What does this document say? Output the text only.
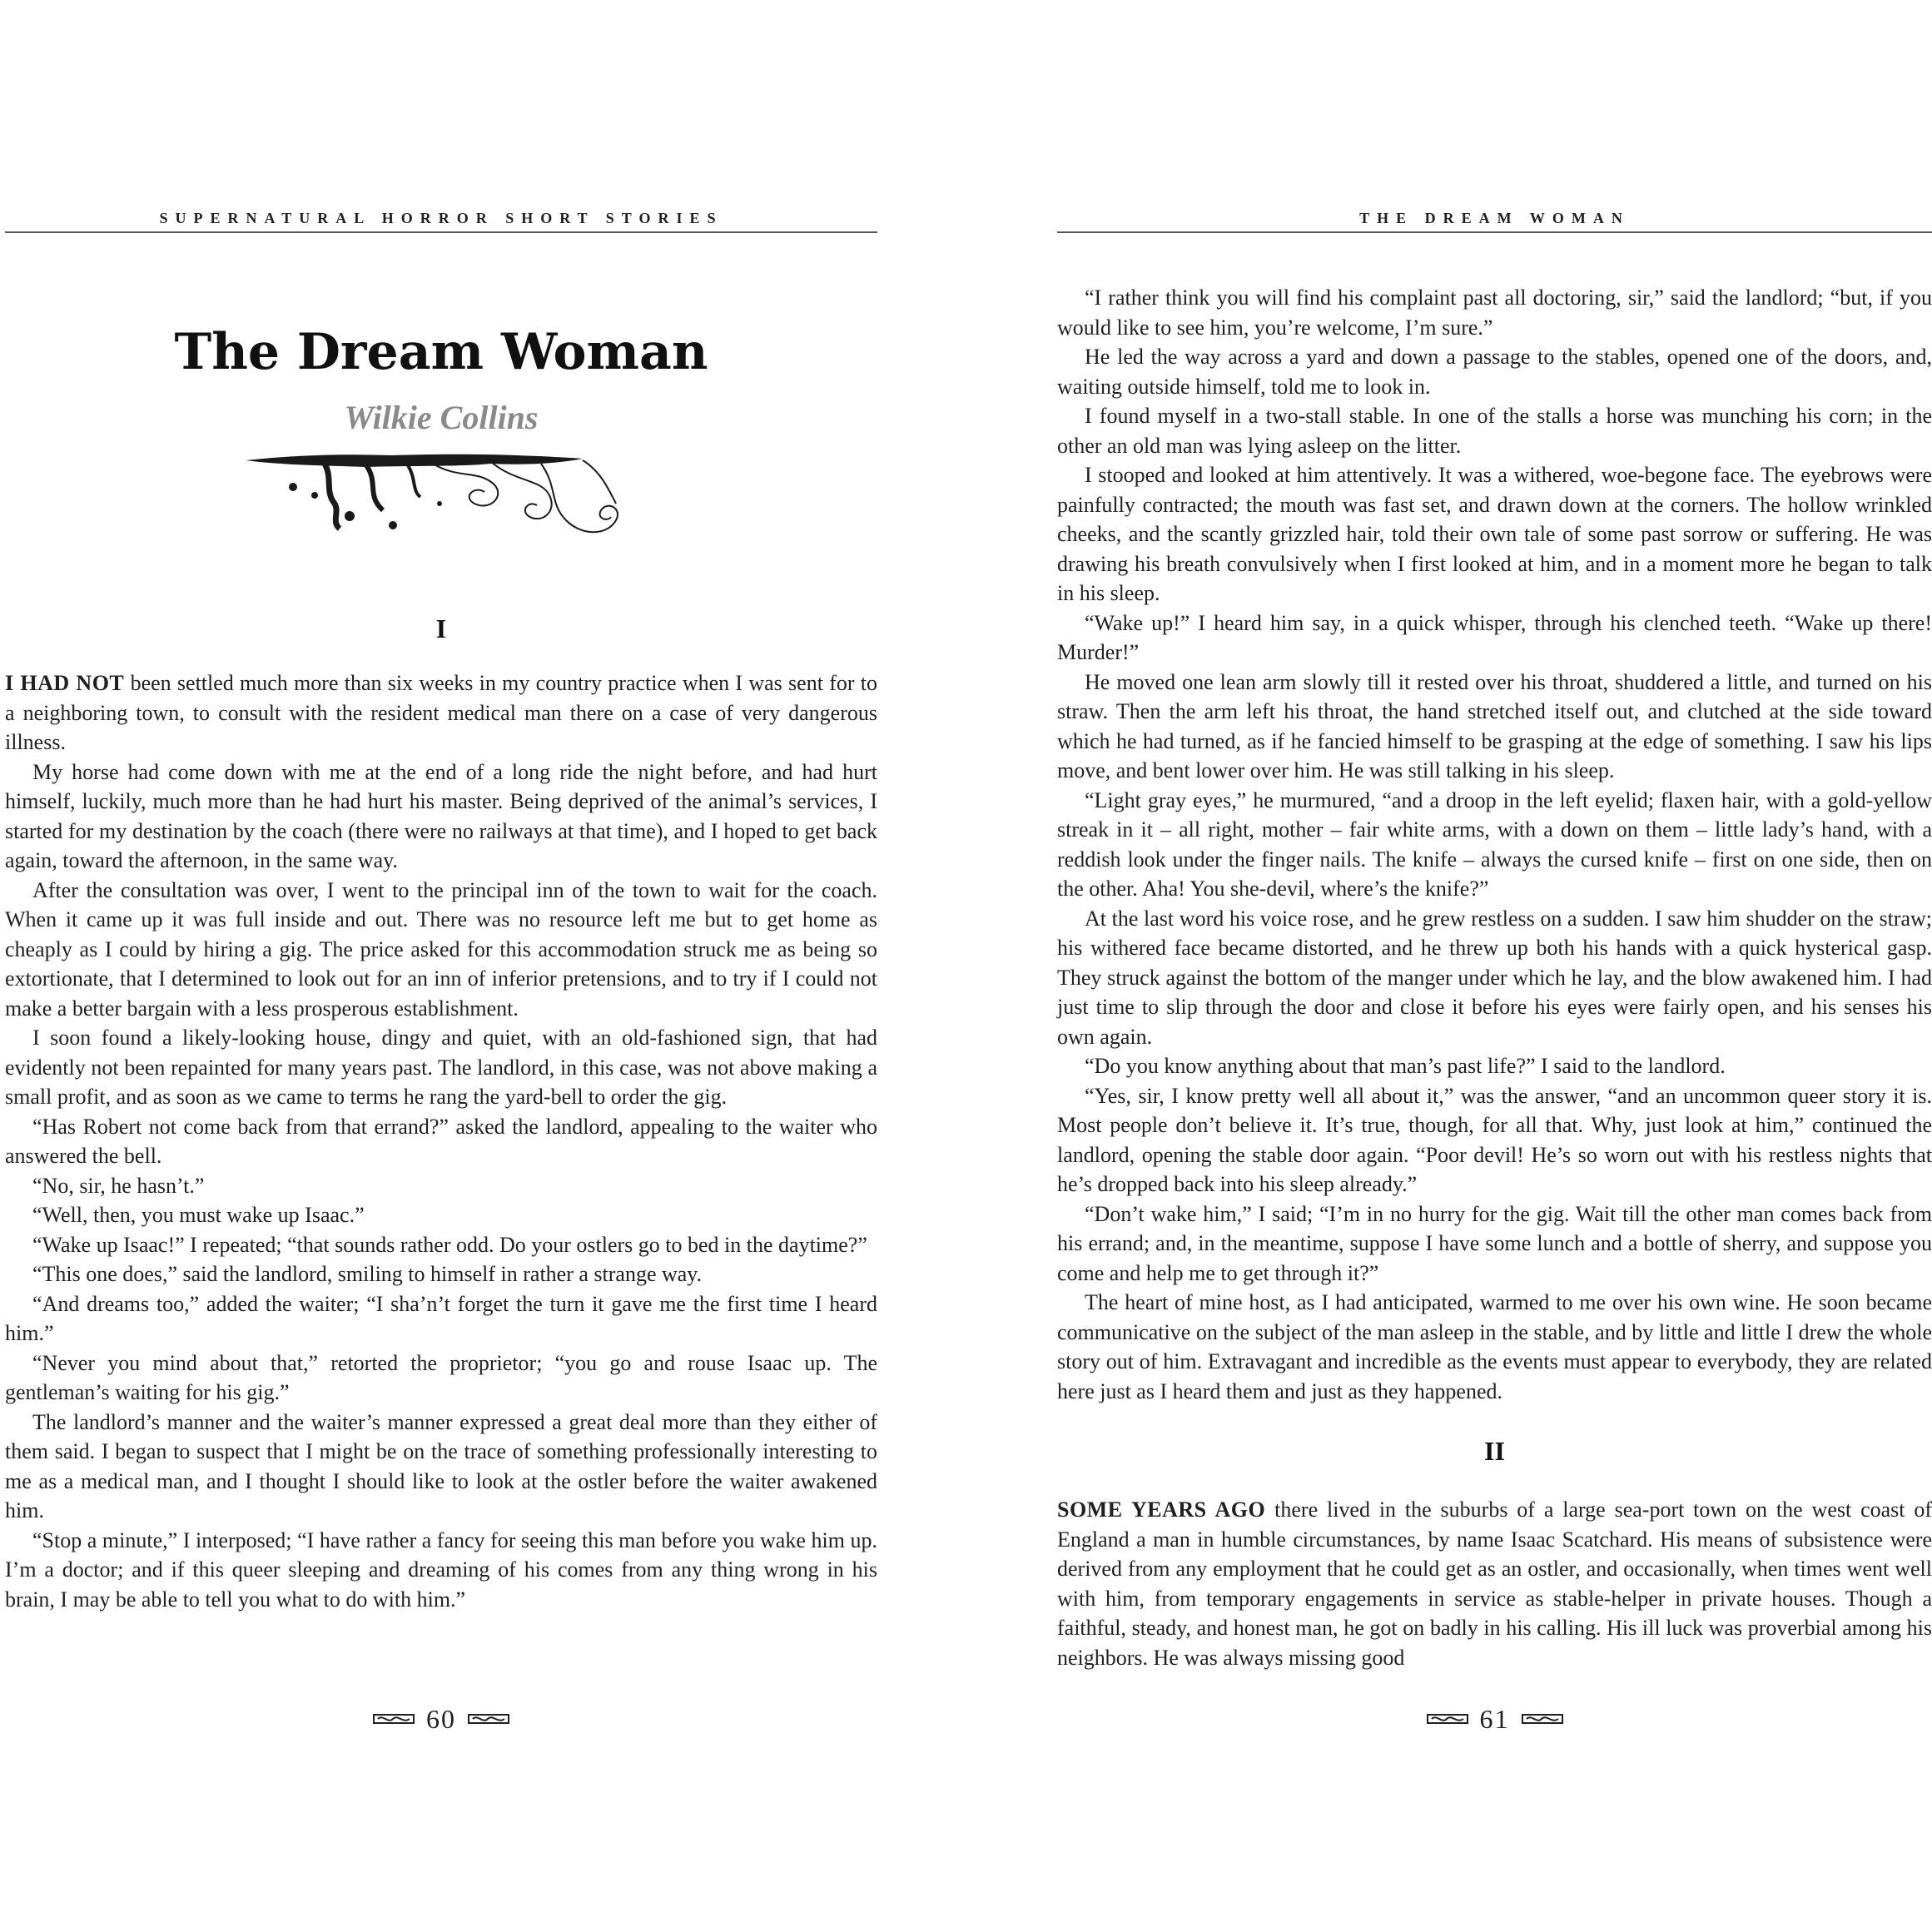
SUPERNATURAL HORROR SHORT STORIES
The Dream Woman
Wilkie Collins
I

I HAD NOT been settled much more than six weeks in my country practice when I was sent for to a neighboring town, to consult with the resident medical man there on a case of very dangerous illness.

My horse had come down with me at the end of a long ride the night before, and had hurt himself, luckily, much more than he had hurt his master. Being deprived of the animal’s services, I started for my destination by the coach (there were no railways at that time), and I hoped to get back again, toward the afternoon, in the same way.

After the consultation was over, I went to the principal inn of the town to wait for the coach. When it came up it was full inside and out. There was no resource left me but to get home as cheaply as I could by hiring a gig. The price asked for this accommodation struck me as being so extortionate, that I determined to look out for an inn of inferior pretensions, and to try if I could not make a better bargain with a less prosperous establishment.

I soon found a likely-looking house, dingy and quiet, with an old-fashioned sign, that had evidently not been repainted for many years past. The landlord, in this case, was not above making a small profit, and as soon as we came to terms he rang the yard-bell to order the gig.

“Has Robert not come back from that errand?” asked the landlord, appealing to the waiter who answered the bell.

“No, sir, he hasn’t.”

“Well, then, you must wake up Isaac.”

“Wake up Isaac!” I repeated; “that sounds rather odd. Do your ostlers go to bed in the daytime?”

“This one does,” said the landlord, smiling to himself in rather a strange way.

“And dreams too,” added the waiter; “I sha’n’t forget the turn it gave me the first time I heard him.”

“Never you mind about that,” retorted the proprietor; “you go and rouse Isaac up. The gentleman’s waiting for his gig.”

The landlord’s manner and the waiter’s manner expressed a great deal more than they either of them said. I began to suspect that I might be on the trace of something professionally interesting to me as a medical man, and I thought I should like to look at the ostler before the waiter awakened him.

“Stop a minute,” I interposed; “I have rather a fancy for seeing this man before you wake him up. I’m a doctor; and if this queer sleeping and dreaming of his comes from any thing wrong in his brain, I may be able to tell you what to do with him.”

60
THE DREAM WOMAN

“I rather think you will find his complaint past all doctoring, sir,” said the landlord; “but, if you would like to see him, you’re welcome, I’m sure.”

He led the way across a yard and down a passage to the stables, opened one of the doors, and, waiting outside himself, told me to look in.

I found myself in a two-stall stable. In one of the stalls a horse was munching his corn; in the other an old man was lying asleep on the litter.

I stooped and looked at him attentively. It was a withered, woe-begone face. The eyebrows were painfully contracted; the mouth was fast set, and drawn down at the corners. The hollow wrinkled cheeks, and the scantly grizzled hair, told their own tale of some past sorrow or suffering. He was drawing his breath convulsively when I first looked at him, and in a moment more he began to talk in his sleep.

“Wake up!” I heard him say, in a quick whisper, through his clenched teeth. “Wake up there! Murder!”

He moved one lean arm slowly till it rested over his throat, shuddered a little, and turned on his straw. Then the arm left his throat, the hand stretched itself out, and clutched at the side toward which he had turned, as if he fancied himself to be grasping at the edge of something. I saw his lips move, and bent lower over him. He was still talking in his sleep.

“Light gray eyes,” he murmured, “and a droop in the left eyelid; flaxen hair, with a gold-yellow streak in it – all right, mother – fair white arms, with a down on them – little lady’s hand, with a reddish look under the finger nails. The knife – always the cursed knife – first on one side, then on the other. Aha! You she-devil, where’s the knife?”

At the last word his voice rose, and he grew restless on a sudden. I saw him shudder on the straw; his withered face became distorted, and he threw up both his hands with a quick hysterical gasp. They struck against the bottom of the manger under which he lay, and the blow awakened him. I had just time to slip through the door and close it before his eyes were fairly open, and his senses his own again.

“Do you know anything about that man’s past life?” I said to the landlord.

“Yes, sir, I know pretty well all about it,” was the answer, “and an uncommon queer story it is. Most people don’t believe it. It’s true, though, for all that. Why, just look at him,” continued the landlord, opening the stable door again. “Poor devil! He’s so worn out with his restless nights that he’s dropped back into his sleep already.”

“Don’t wake him,” I said; “I’m in no hurry for the gig. Wait till the other man comes back from his errand; and, in the meantime, suppose I have some lunch and a bottle of sherry, and suppose you come and help me to get through it?”

The heart of mine host, as I had anticipated, warmed to me over his own wine. He soon became communicative on the subject of the man asleep in the stable, and by little and little I drew the whole story out of him. Extravagant and incredible as the events must appear to everybody, they are related here just as I heard them and just as they happened.

II

SOME YEARS AGO there lived in the suburbs of a large sea-port town on the west coast of England a man in humble circumstances, by name Isaac Scatchard. His means of subsistence were derived from any employment that he could get as an ostler, and occasionally, when times went well with him, from temporary engagements in service as stable-helper in private houses. Though a faithful, steady, and honest man, he got on badly in his calling. His ill luck was proverbial among his neighbors. He was always missing good

61
